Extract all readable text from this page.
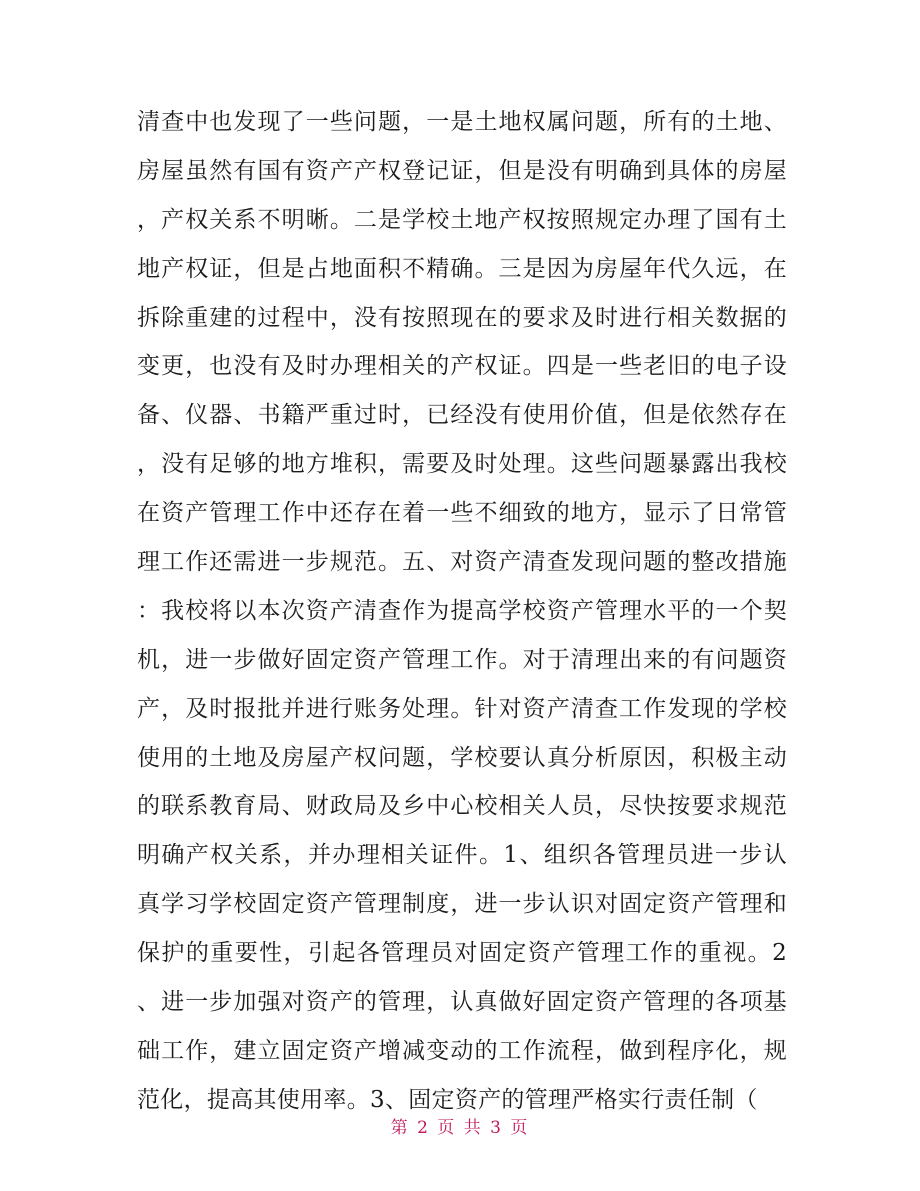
清查中也发现了一些问题，一是土地权属问题，所有的土地、
房屋虽然有国有资产产权登记证，但是没有明确到具体的房屋
，产权关系不明晰。二是学校土地产权按照规定办理了国有土
地产权证，但是占地面积不精确。三是因为房屋年代久远，在
拆除重建的过程中，没有按照现在的要求及时进行相关数据的
变更，也没有及时办理相关的产权证。四是一些老旧的电子设
备、仪器、书籍严重过时，已经没有使用价值，但是依然存在
，没有足够的地方堆积，需要及时处理。这些问题暴露出我校
在资产管理工作中还存在着一些不细致的地方，显示了日常管
理工作还需进一步规范。五、对资产清查发现问题的整改措施
：我校将以本次资产清查作为提高学校资产管理水平的一个契
机，进一步做好固定资产管理工作。对于清理出来的有问题资
产，及时报批并进行账务处理。针对资产清查工作发现的学校
使用的土地及房屋产权问题，学校要认真分析原因，积极主动
的联系教育局、财政局及乡中心校相关人员，尽快按要求规范
明确产权关系，并办理相关证件。1、组织各管理员进一步认
真学习学校固定资产管理制度，进一步认识对固定资产管理和
保护的重要性，引起各管理员对固定资产管理工作的重视。2
、进一步加强对资产的管理，认真做好固定资产管理的各项基
础工作，建立固定资产增减变动的工作流程，做到程序化，规
范化，提高其使用率。3、固定资产的管理严格实行责任制（
第 2 页 共 3 页
